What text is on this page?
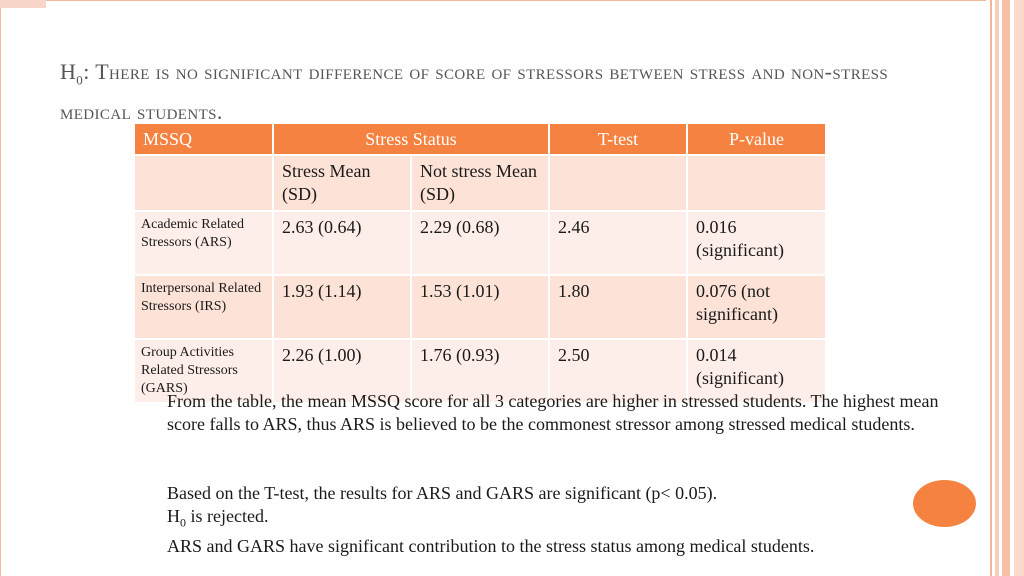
$H_0$: There is no significant difference of score of stressors between stress and non-stress medical students.
MSSQ	Stress Status		T-test	P-value
	Stress Mean (SD)	Not stress Mean (SD)		
Academic Related Stressors (ARS)	2.63 (0.64)	2.29 (0.68)	2.46	0.016 (significant)
Interpersonal Related Stressors (IRS)	1.93 (1.14)	1.53 (1.01)	1.80	0.076 (not significant)
Group Activities Related Stressors (GARS)	2.26 (1.00)	1.76 (0.93)	2.50	0.014 (significant)

From the table, the mean MSSQ score for all 3 categories are higher in stressed students. The highest mean score falls to ARS, thus ARS is believed to be the commonest stressor among stressed medical students.

Based on the T-test, the results for ARS and GARS are significant (p< 0.05).

$H_0$ is rejected.

ARS and GARS have significant contribution to the stress status among medical students.
